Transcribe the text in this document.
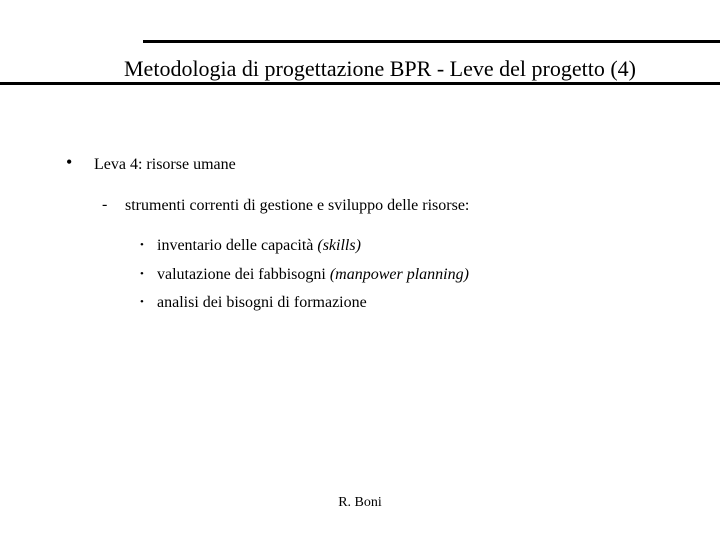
Metodologia di progettazione BPR - Leve del progetto (4)
• Leva 4: risorse umane
- strumenti correnti di gestione e sviluppo delle risorse:
• inventario delle capacità (skills)
• valutazione dei fabbisogni (manpower planning)
• analisi dei bisogni di formazione
R. Boni
